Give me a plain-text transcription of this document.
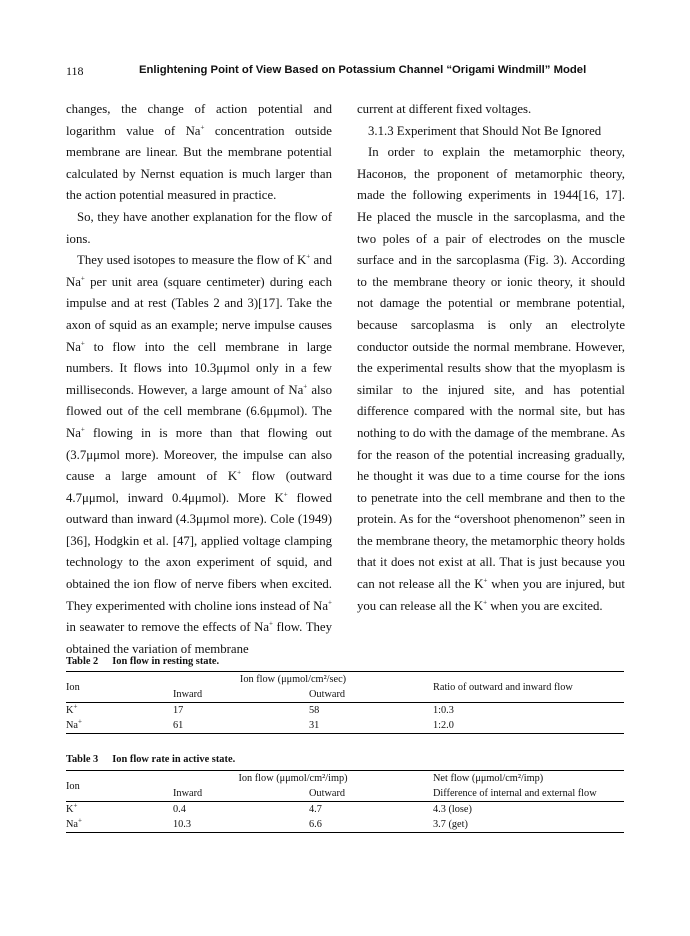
118	Enlightening Point of View Based on Potassium Channel “Origami Windmill” Model

changes, the change of action potential and logarithm value of Na+ concentration outside membrane are linear. But the membrane potential calculated by Nernst equation is much larger than the action potential measured in practice.

So, they have another explanation for the flow of ions.

They used isotopes to measure the flow of K+ and Na+ per unit area (square centimeter) during each impulse and at rest (Tables 2 and 3)[17]. Take the axon of squid as an example; nerve impulse causes Na+ to flow into the cell membrane in large numbers. It flows into 10.3μμmol only in a few milliseconds. However, a large amount of Na+ also flowed out of the cell membrane (6.6μμmol). The Na+ flowing in is more than that flowing out (3.7μμmol more). Moreover, the impulse can also cause a large amount of K+ flow (outward 4.7μμmol, inward 0.4μμmol). More K+ flowed outward than inward (4.3μμmol more). Cole (1949)[36], Hodgkin et al. [47], applied voltage clamping technology to the axon experiment of squid, and obtained the ion flow of nerve fibers when excited. They experimented with choline ions instead of Na+ in seawater to remove the effects of Na+ flow. They obtained the variation of membrane

current at different fixed voltages.

3.1.3 Experiment that Should Not Be Ignored

In order to explain the metamorphic theory, Насонов, the proponent of metamorphic theory, made the following experiments in 1944[16, 17]. He placed the muscle in the sarcoplasma, and the two poles of a pair of electrodes on the muscle surface and in the sarcoplasma (Fig. 3). According to the membrane theory or ionic theory, it should not damage the potential or membrane potential, because sarcoplasma is only an electrolyte conductor outside the normal membrane. However, the experimental results show that the myoplasm is similar to the injured site, and has potential difference compared with the normal site, but has nothing to do with the damage of the membrane. As for the reason of the potential increasing gradually, he thought it was due to a time course for the ions to penetrate into the cell membrane and then to the protein. As for the “overshoot phenomenon” seen in the membrane theory, the metamorphic theory holds that it does not exist at all. That is just because you can not release all the K+ when you are injured, but you can release all the K+ when you are excited.

Table 2 Ion flow in resting state.
Ion	Ion flow (μμmol/cm²/sec)		Ratio of outward and inward flow
	Inward	Outward	
K+	17	58	1:0.3
Na+	61	31	1:2.0
Table 3 Ion flow rate in active state.
Ion	Ion flow (μμmol/cm²/imp)		Net flow (μμmol/cm²/imp)
	Inward	Outward	Difference of internal and external flow
K+	0.4	4.7	4.3 (lose)
Na+	10.3	6.6	3.7 (get)
